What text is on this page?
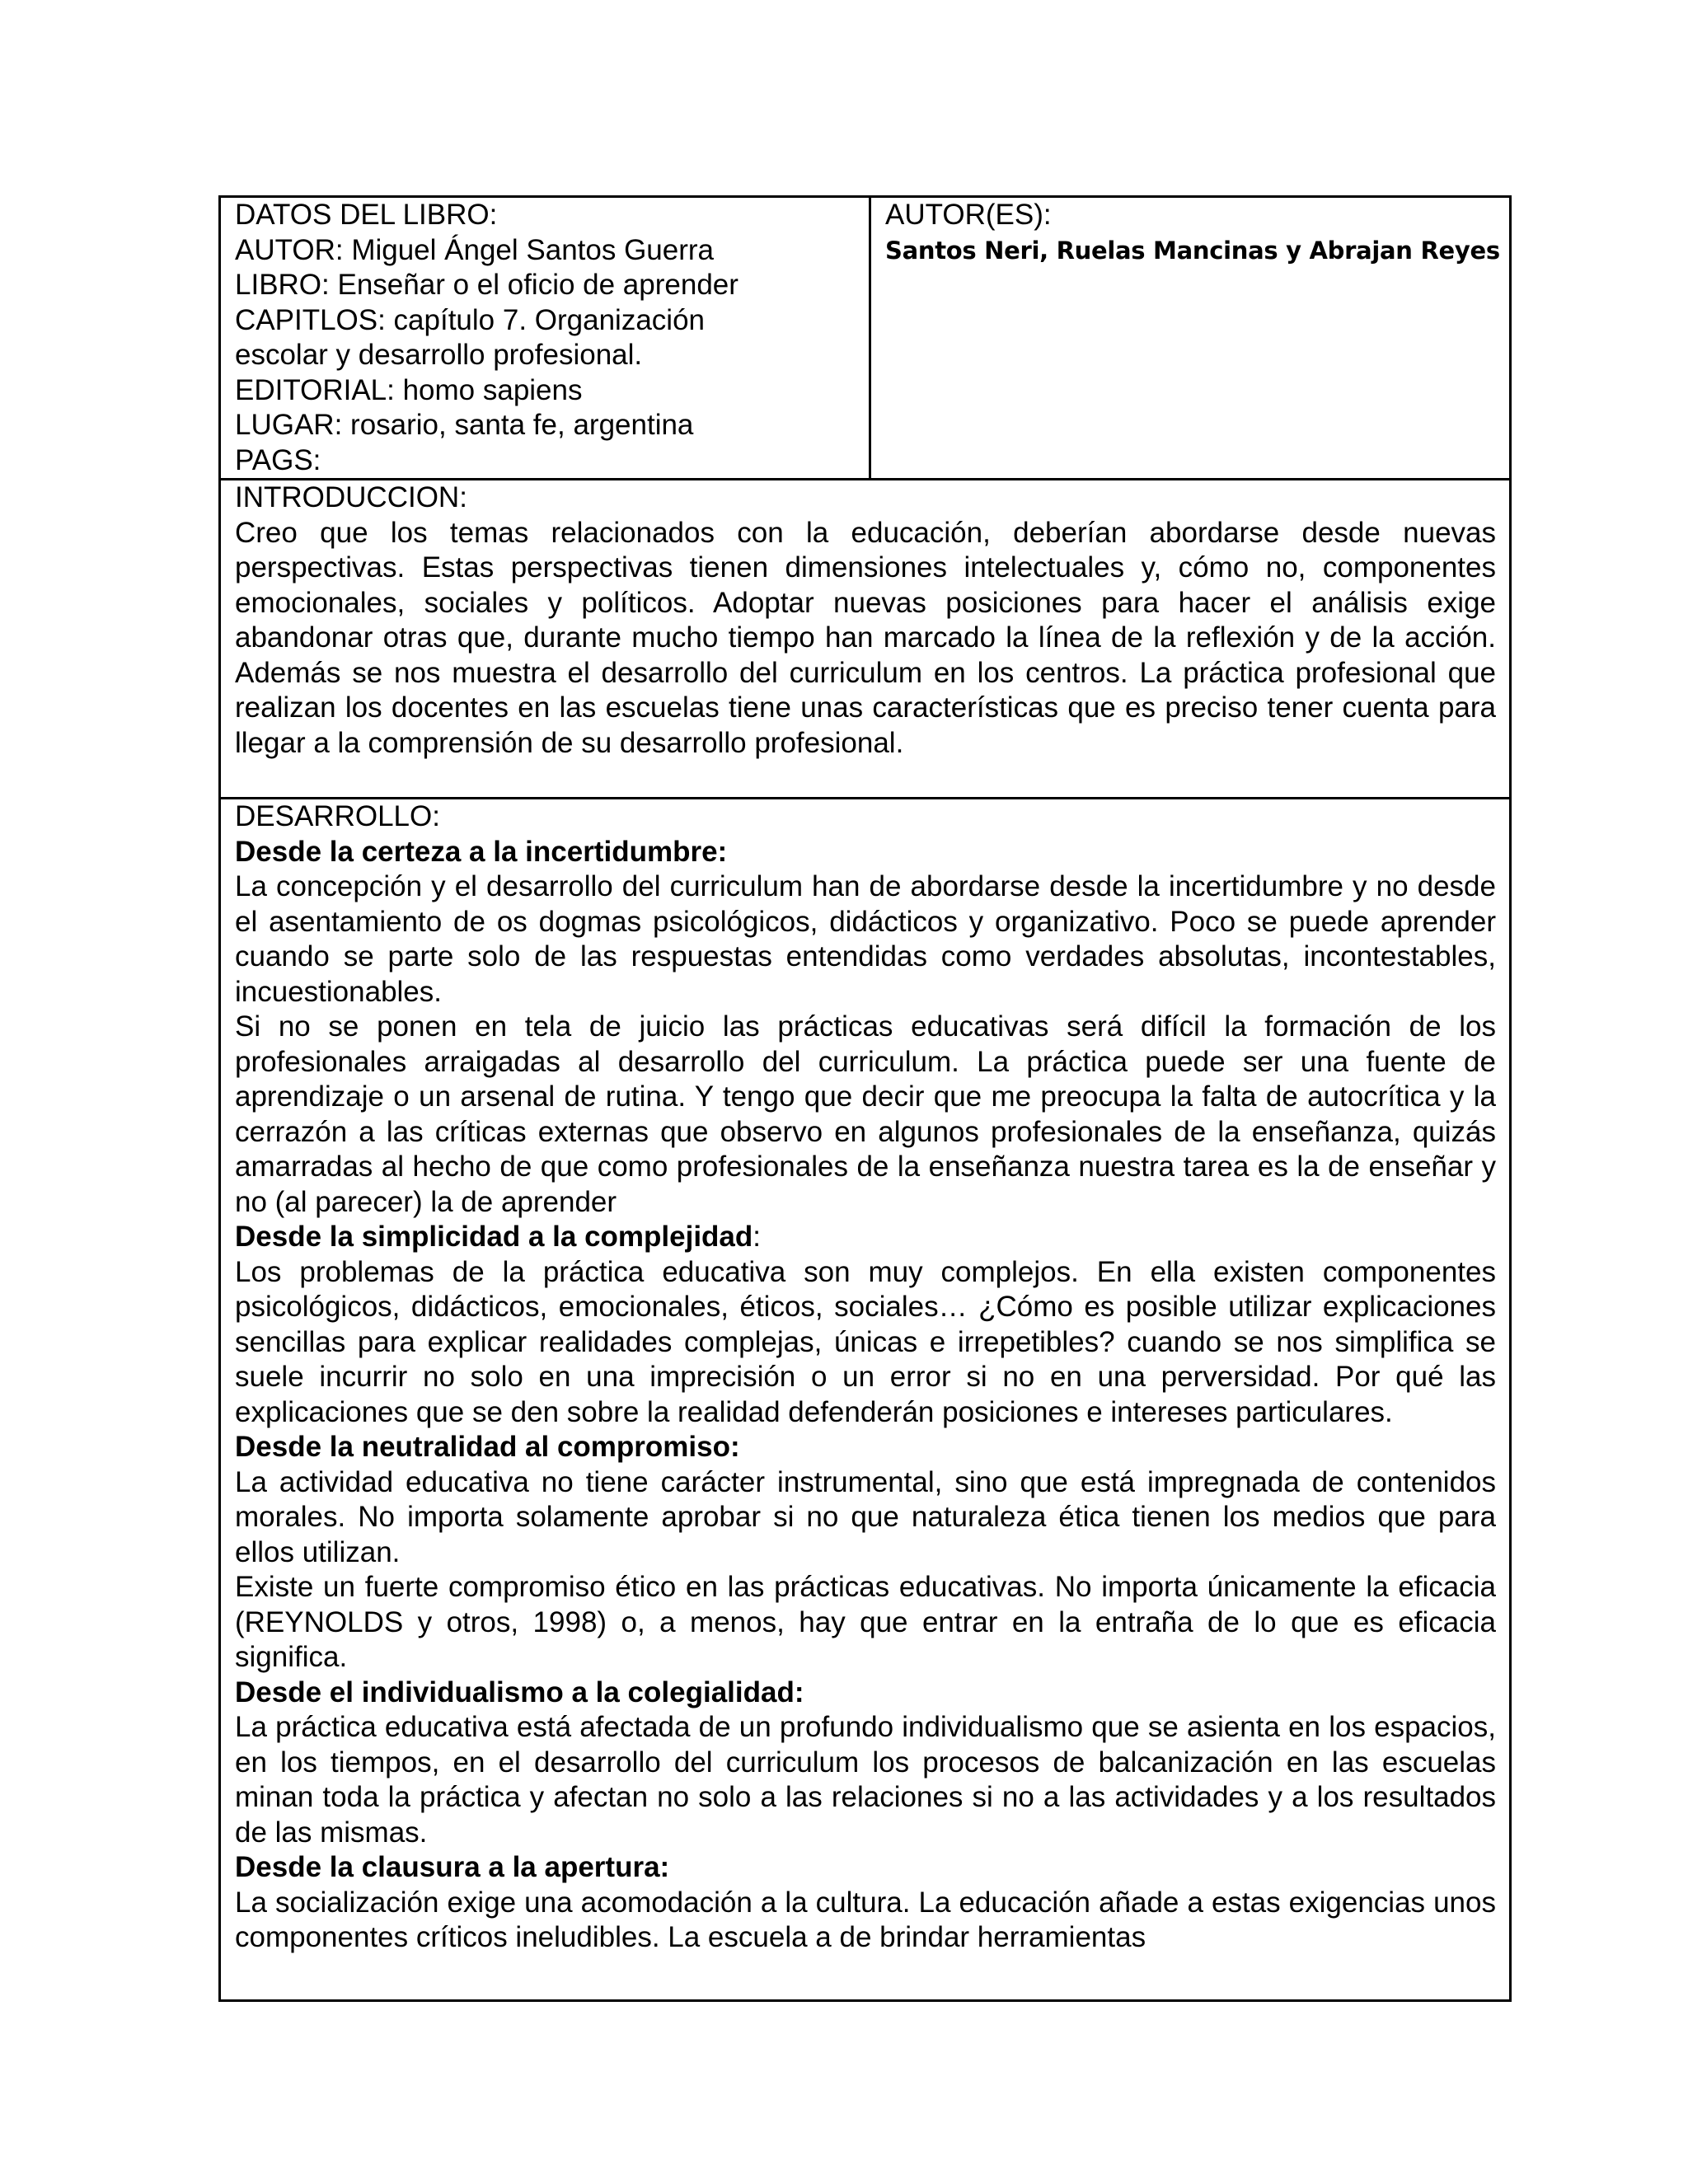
DATOS DEL LIBRO:
AUTOR: Miguel Ángel Santos Guerra
LIBRO: Enseñar o el oficio de aprender
CAPITLOS: capítulo 7. Organización
escolar y desarrollo profesional.
EDITORIAL: homo sapiens
LUGAR: rosario, santa fe, argentina
PAGS:

AUTOR(ES):
Santos Neri, Ruelas Mancinas y Abrajan Reyes

INTRODUCCION:
Creo que los temas relacionados con la educación, deberían abordarse desde nuevas perspectivas. Estas perspectivas tienen dimensiones intelectuales y, cómo no, componentes emocionales, sociales y políticos. Adoptar nuevas posiciones para hacer el análisis exige abandonar otras que, durante mucho tiempo han marcado la línea de la reflexión y de la acción. Además se nos muestra el desarrollo del curriculum en los centros. La práctica profesional que realizan los docentes en las escuelas tiene unas características que es preciso tener cuenta para llegar a la comprensión de su desarrollo profesional.

DESARROLLO:
Desde la certeza a la incertidumbre:
La concepción y el desarrollo del curriculum han de abordarse desde la incertidumbre y no desde el asentamiento de os dogmas psicológicos, didácticos y organizativo. Poco se puede aprender cuando se parte solo de las respuestas entendidas como verdades absolutas, incontestables, incuestionables.
Si no se ponen en tela de juicio las prácticas educativas será difícil la formación de los profesionales arraigadas al desarrollo del curriculum. La práctica puede ser una fuente de aprendizaje o un arsenal de rutina. Y tengo que decir que me preocupa la falta de autocrítica y la cerrazón a las críticas externas que observo en algunos profesionales de la enseñanza, quizás amarradas al hecho de que como profesionales de la enseñanza nuestra tarea es la de enseñar y no (al parecer) la de aprender
Desde la simplicidad a la complejidad:
Los problemas de la práctica educativa son muy complejos. En ella existen componentes psicológicos, didácticos, emocionales, éticos, sociales… ¿Cómo es posible utilizar explicaciones sencillas para explicar realidades complejas, únicas e irrepetibles? cuando se nos simplifica se suele incurrir no solo en una imprecisión o un error si no en una perversidad. Por qué las explicaciones que se den sobre la realidad defenderán posiciones e intereses particulares.
Desde la neutralidad al compromiso:
La actividad educativa no tiene carácter instrumental, sino que está impregnada de contenidos morales. No importa solamente aprobar si no que naturaleza ética tienen los medios que para ellos utilizan.
Existe un fuerte compromiso ético en las prácticas educativas. No importa únicamente la eficacia (REYNOLDS y otros, 1998) o, a menos, hay que entrar en la entraña de lo que es eficacia significa.
Desde el individualismo a la colegialidad:
La práctica educativa está afectada de un profundo individualismo que se asienta en los espacios, en los tiempos, en el desarrollo del curriculum los procesos de balcanización en las escuelas minan toda la práctica y afectan no solo a las relaciones si no a las actividades y a los resultados de las mismas.
Desde la clausura a la apertura:
La socialización exige una acomodación a la cultura. La educación añade a estas exigencias unos componentes críticos ineludibles. La escuela a de brindar herramientas
